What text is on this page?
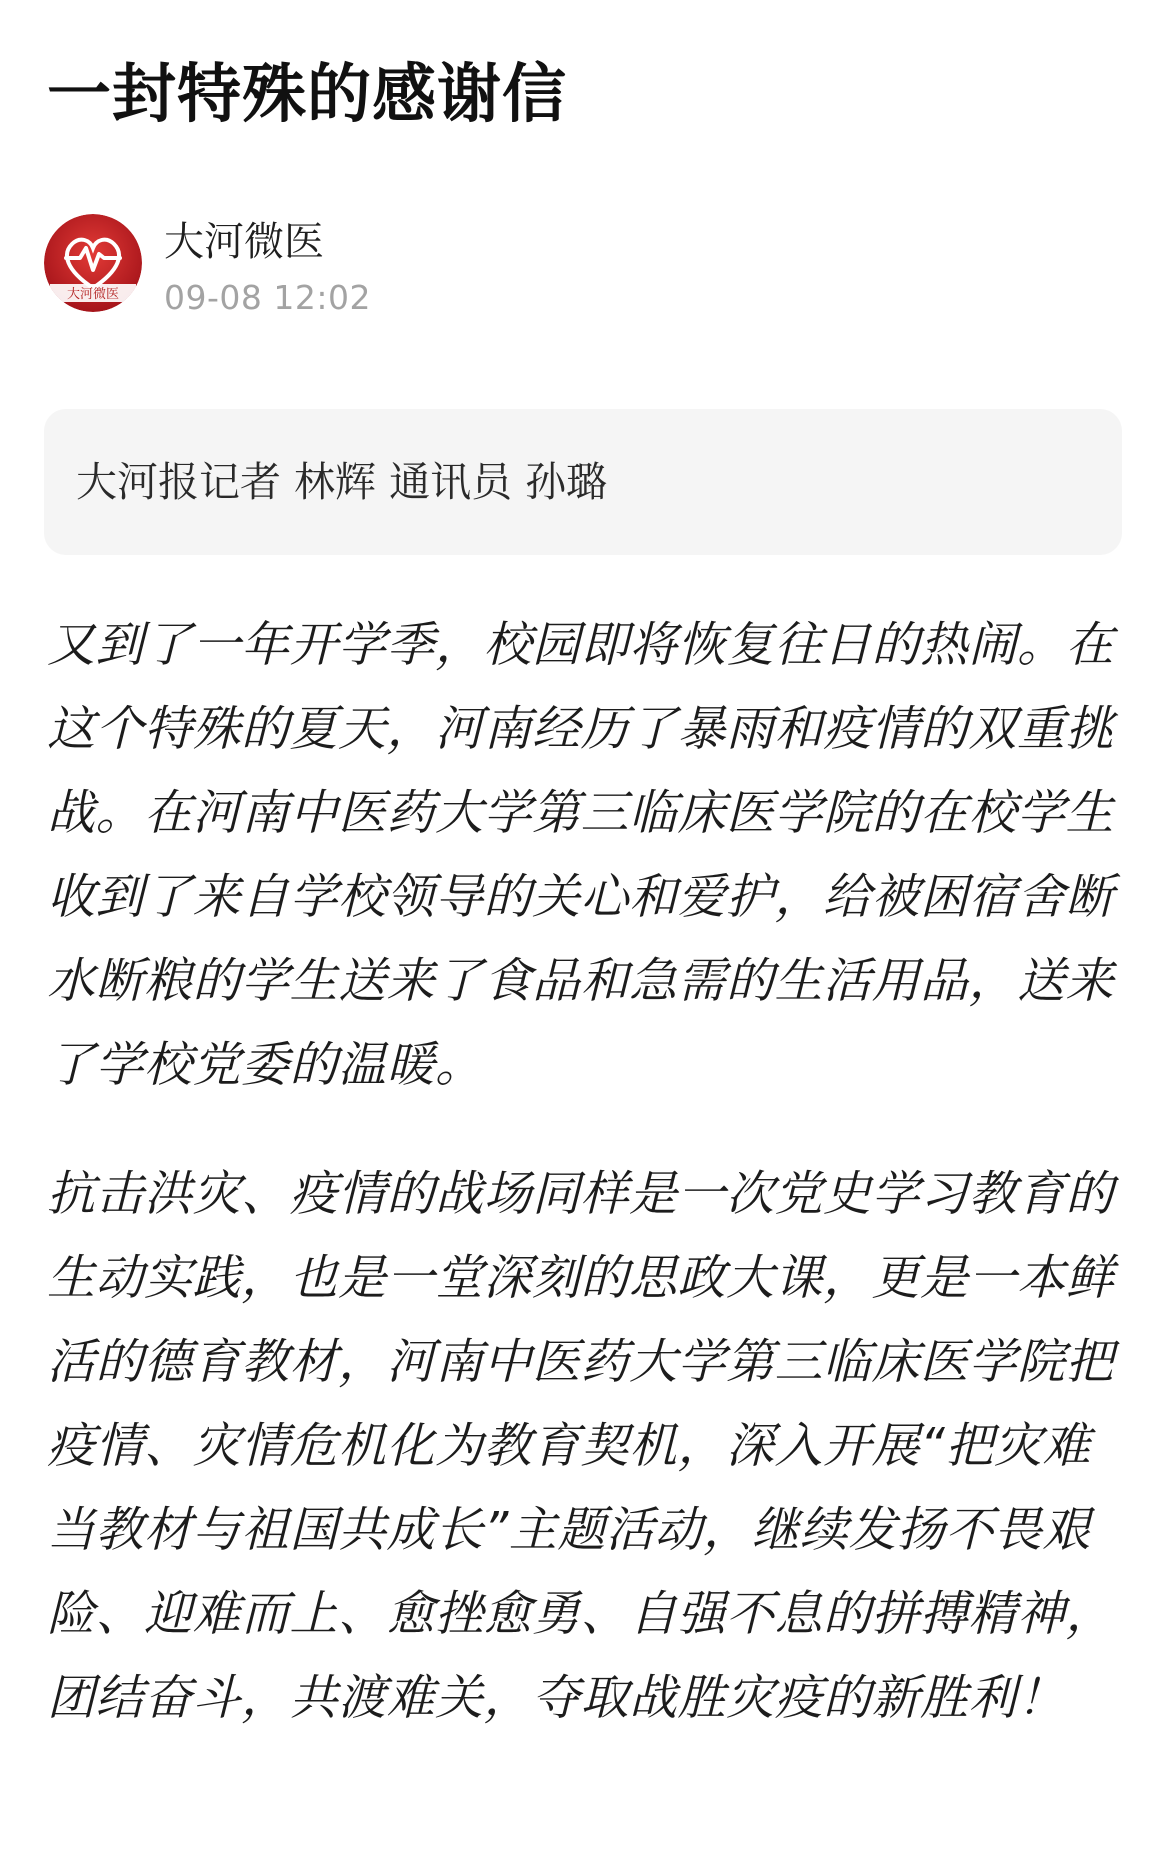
一封特殊的感谢信
大河微医
大河微医
09-08 12:02
大河报记者 林辉 通讯员 孙璐
又到了一年开学季，校园即将恢复往日的热闹。在这个特殊的夏天，河南经历了暴雨和疫情的双重挑战。在河南中医药大学第三临床医学院的在校学生收到了来自学校领导的关心和爱护，给被困宿舍断水断粮的学生送来了食品和急需的生活用品，送来了学校党委的温暖。
抗击洪灾、疫情的战场同样是一次党史学习教育的生动实践，也是一堂深刻的思政大课，更是一本鲜活的德育教材，河南中医药大学第三临床医学院把疫情、灾情危机化为教育契机，深入开展“把灾难当教材与祖国共成长”主题活动，继续发扬不畏艰险、迎难而上、愈挫愈勇、自强不息的拼搏精神，团结奋斗，共渡难关，夺取战胜灾疫的新胜利！
